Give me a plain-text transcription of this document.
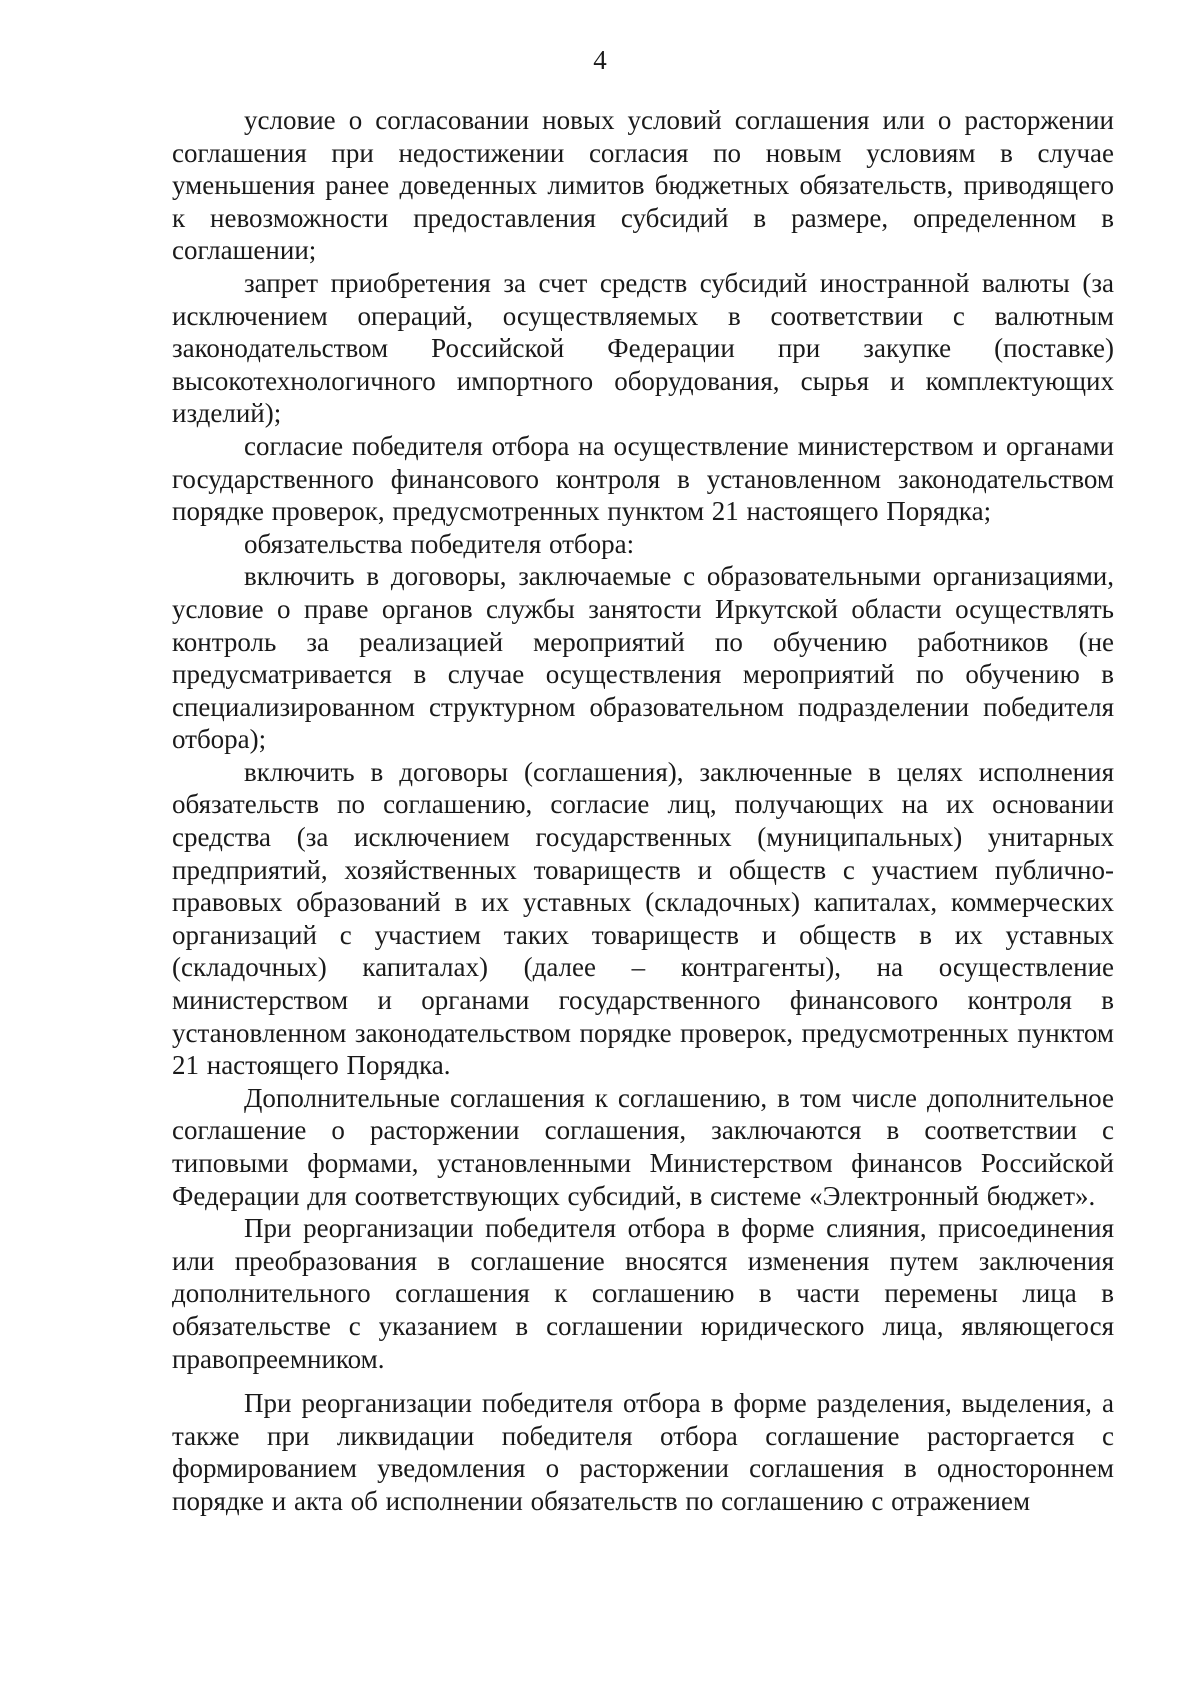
4

условие о согласовании новых условий соглашения или о расторжении соглашения при недостижении согласия по новым условиям в случае уменьшения ранее доведенных лимитов бюджетных обязательств, приводящего к невозможности предоставления субсидий в размере, определенном в соглашении;

запрет приобретения за счет средств субсидий иностранной валюты (за исключением операций, осуществляемых в соответствии с валютным законодательством Российской Федерации при закупке (поставке) высокотехнологичного импортного оборудования, сырья и комплектующих изделий);

согласие победителя отбора на осуществление министерством и органами государственного финансового контроля в установленном законодательством порядке проверок, предусмотренных пунктом 21 настоящего Порядка;

обязательства победителя отбора:

включить в договоры, заключаемые с образовательными организациями, условие о праве органов службы занятости Иркутской области осуществлять контроль за реализацией мероприятий по обучению работников (не предусматривается в случае осуществления мероприятий по обучению в специализированном структурном образовательном подразделении победителя отбора);

включить в договоры (соглашения), заключенные в целях исполнения обязательств по соглашению, согласие лиц, получающих на их основании средства (за исключением государственных (муниципальных) унитарных предприятий, хозяйственных товариществ и обществ с участием публично-правовых образований в их уставных (складочных) капиталах, коммерческих организаций с участием таких товариществ и обществ в их уставных (складочных) капиталах) (далее – контрагенты), на осуществление министерством и органами государственного финансового контроля в установленном законодательством порядке проверок, предусмотренных пунктом 21 настоящего Порядка.

Дополнительные соглашения к соглашению, в том числе дополнительное соглашение о расторжении соглашения, заключаются в соответствии с типовыми формами, установленными Министерством финансов Российской Федерации для соответствующих субсидий, в системе «Электронный бюджет».

При реорганизации победителя отбора в форме слияния, присоединения или преобразования в соглашение вносятся изменения путем заключения дополнительного соглашения к соглашению в части перемены лица в обязательстве с указанием в соглашении юридического лица, являющегося правопреемником.

При реорганизации победителя отбора в форме разделения, выделения, а также при ликвидации победителя отбора соглашение расторгается с формированием уведомления о расторжении соглашения в одностороннем порядке и акта об исполнении обязательств по соглашению с отражением
